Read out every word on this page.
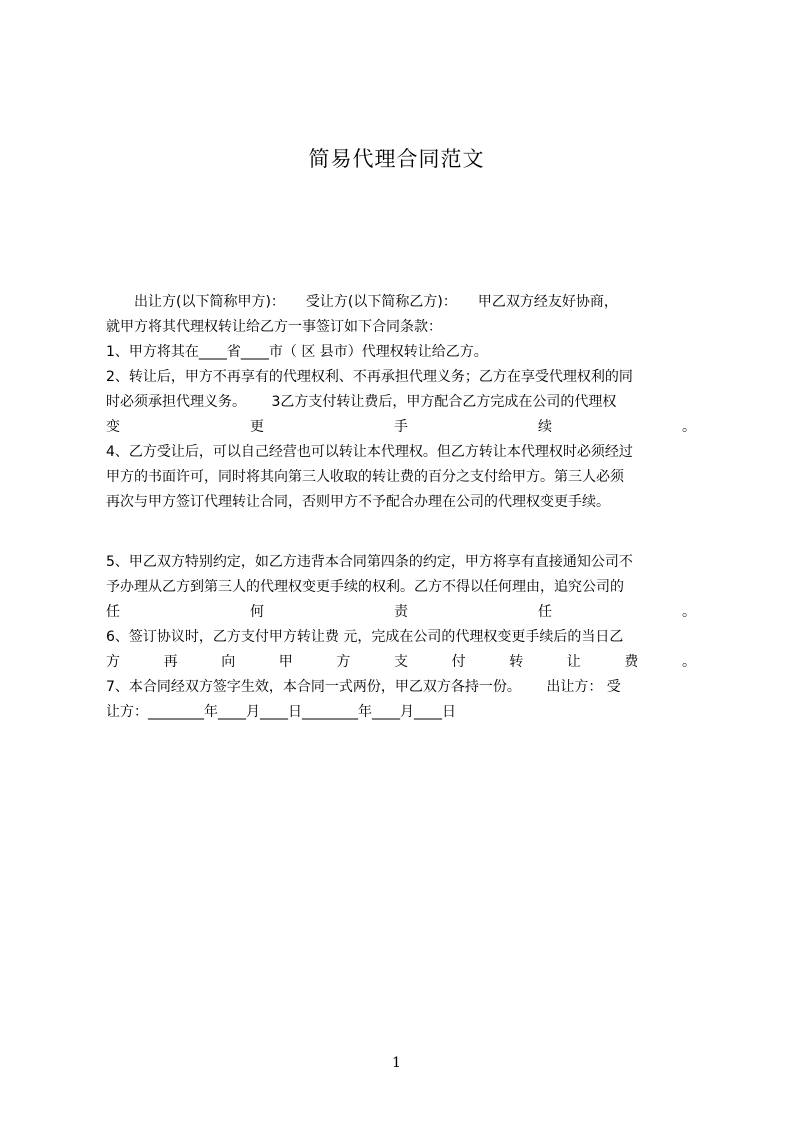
简易代理合同范文
　　出让方(以下简称甲方)：　　受让方(以下简称乙方)：　　甲乙双方经友好协商，
就甲方将其代理权转让给乙方一事签订如下合同条款：
1、甲方将其在____省____市（ 区 县市）代理权转让给乙方。
2、转让后，甲方不再享有的代理权利、不再承担代理义务；乙方在享受代理权利的同
时必须承担代理义务。　　 3乙方支付转让费后，甲方配合乙方完成在公司的代理权
变 更 手 续 。
4、乙方受让后，可以自己经营也可以转让本代理权。但乙方转让本代理权时必须经过
甲方的书面许可，同时将其向第三人收取的转让费的百分之支付给甲方。第三人必须
再次与甲方签订代理转让合同，否则甲方不予配合办理在公司的代理权变更手续。
5、甲乙双方特别约定，如乙方违背本合同第四条的约定，甲方将享有直接通知公司不
予办理从乙方到第三人的代理权变更手续的权利。乙方不得以任何理由，追究公司的
任 何 责 任 。
6、签订协议时，乙方支付甲方转让费 元，完成在公司的代理权变更手续后的当日乙
方 再 向 甲 方 支 付 转 让 费 。
7、本合同经双方签字生效，本合同一式两份，甲乙双方各持一份。　　 出让方： 受
让方：________年____月____日________年____月____日
1
